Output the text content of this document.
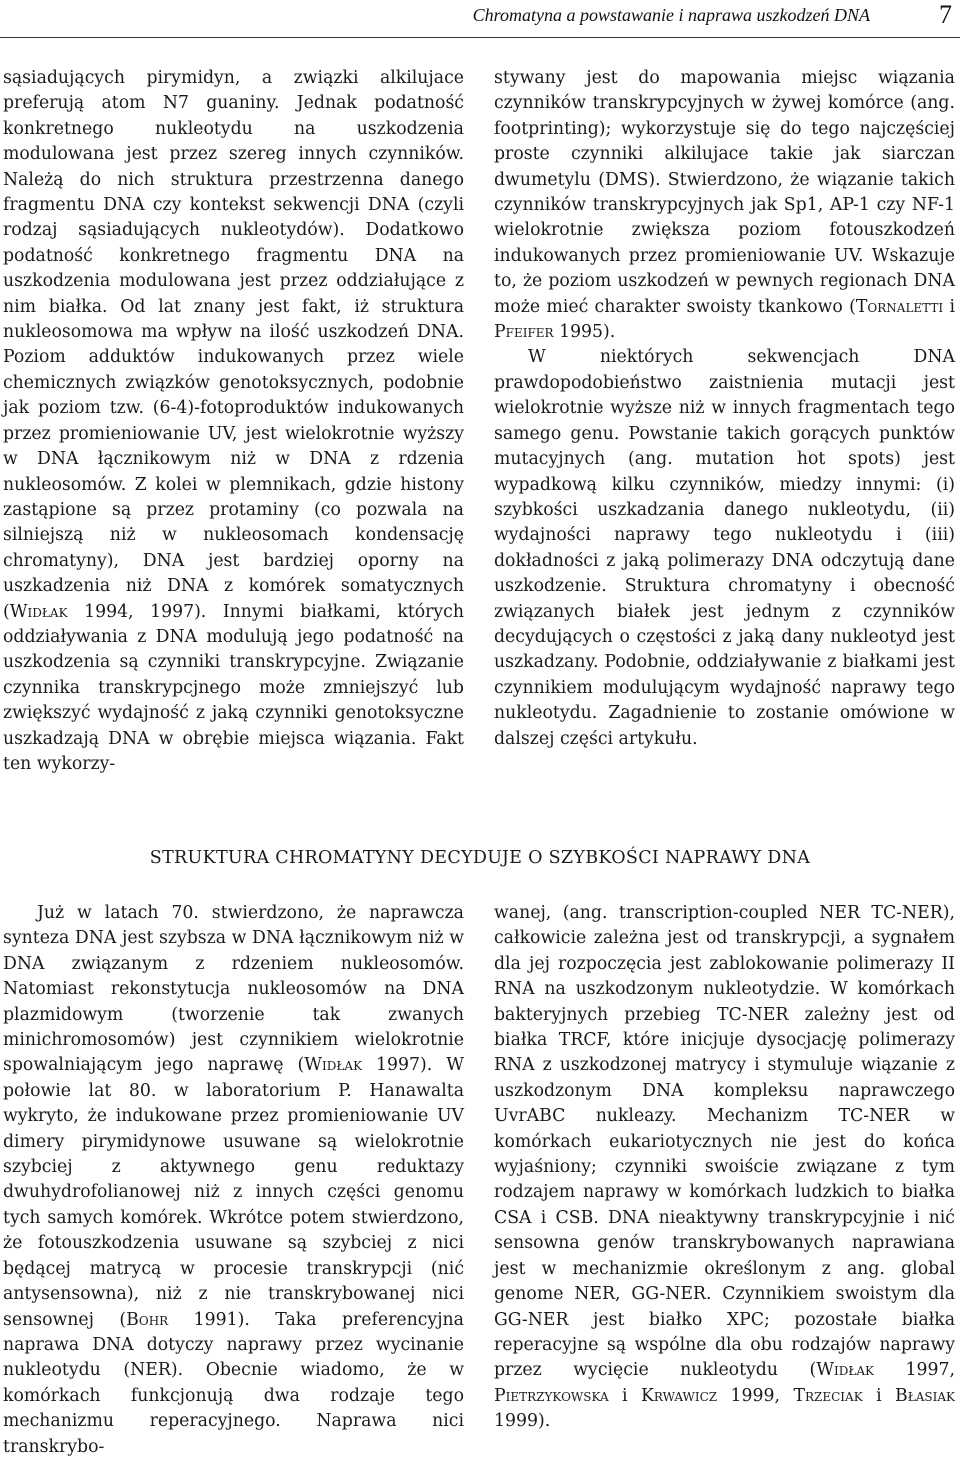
Chromatyna a powstawanie i naprawa uszkodzeń DNA	7

sąsiadujących pirymidyn, a związki alkilujace preferują atom N7 guaniny. Jednak podatność konkretnego nukleotydu na uszkodzenia modulowana jest przez szereg innych czynników. Należą do nich struktura przestrzenna danego fragmentu DNA czy kontekst sekwencji DNA (czyli rodzaj sąsiadujących nukleotydów). Dodatkowo podatność konkretnego fragmentu DNA na uszkodzenia modulowana jest przez oddziałujące z nim białka. Od lat znany jest fakt, iż struktura nukleosomowa ma wpływ na ilość uszkodzeń DNA. Poziom adduktów indukowanych przez wiele chemicznych związków genotoksycznych, podobnie jak poziom tzw. (6-4)-fotoproduktów indukowanych przez promieniowanie UV, jest wielokrotnie wyższy w DNA łącznikowym niż w DNA z rdzenia nukleosomów. Z kolei w plemnikach, gdzie histony zastąpione są przez protaminy (co pozwala na silniejszą niż w nukleosomach kondensację chromatyny), DNA jest bardziej oporny na uszkadzenia niż DNA z komórek somatycznych (Widłak 1994, 1997). Innymi białkami, których oddziaływania z DNA modulują jego podatność na uszkodzenia są czynniki transkrypcyjne. Związanie czynnika transkrypcjnego może zmniejszyć lub zwiększyć wydajność z jaką czynniki genotoksyczne uszkadzają DNA w obrębie miejsca wiązania. Fakt ten wykorzy-

stywany jest do mapowania miejsc wiązania czynników transkrypcyjnych w żywej komórce (ang. footprinting); wykorzystuje się do tego najczęściej proste czynniki alkilujace takie jak siarczan dwumetylu (DMS). Stwierdzono, że wiązanie takich czynników transkrypcyjnych jak Sp1, AP-1 czy NF-1 wielokrotnie zwiększa poziom fotouszkodzeń indukowanych przez promieniowanie UV. Wskazuje to, że poziom uszkodzeń w pewnych regionach DNA może mieć charakter swoisty tkankowo (Tornaletti i Pfeifer 1995).

W niektórych sekwencjach DNA prawdopodobieństwo zaistnienia mutacji jest wielokrotnie wyższe niż w innych fragmentach tego samego genu. Powstanie takich gorących punktów mutacyjnych (ang. mutation hot spots) jest wypadkową kilku czynników, miedzy innymi: (i) szybkości uszkadzania danego nukleotydu, (ii) wydajności naprawy tego nukleotydu i (iii) dokładności z jaką polimerazy DNA odczytują dane uszkodzenie. Struktura chromatyny i obecność związanych białek jest jednym z czynników decydujących o częstości z jaką dany nukleotyd jest uszkadzany. Podobnie, oddziaływanie z białkami jest czynnikiem modulującym wydajność naprawy tego nukleotydu. Zagadnienie to zostanie omówione w dalszej części artykułu.

STRUKTURA CHROMATYNY DECYDUJE O SZYBKOŚCI NAPRAWY DNA

Już w latach 70. stwierdzono, że naprawcza synteza DNA jest szybsza w DNA łącznikowym niż w DNA związanym z rdzeniem nukleosomów. Natomiast rekonstytucja nukleosomów na DNA plazmidowym (tworzenie tak zwanych minichromosomów) jest czynnikiem wielokrotnie spowalniającym jego naprawę (Widłak 1997). W połowie lat 80. w laboratorium P. Hanawalta wykryto, że indukowane przez promieniowanie UV dimery pirymidynowe usuwane są wielokrotnie szybciej z aktywnego genu reduktazy dwuhydrofolianowej niż z innych części genomu tych samych komórek. Wkrótce potem stwierdzono, że fotouszkodzenia usuwane są szybciej z nici będącej matrycą w procesie transkrypcji (nić antysensowna), niż z nie transkrybowanej nici sensownej (Bohr 1991). Taka preferencyjna naprawa DNA dotyczy naprawy przez wycinanie nukleotydu (NER). Obecnie wiadomo, że w komórkach funkcjonują dwa rodzaje tego mechanizmu reperacyjnego. Naprawa nici transkrybo-

wanej, (ang. transcription-coupled NER TC-NER), całkowicie zależna jest od transkrypcji, a sygnałem dla jej rozpoczęcia jest zablokowanie polimerazy II RNA na uszkodzonym nukleotydzie. W komórkach bakteryjnych przebieg TC-NER zależny jest od białka TRCF, które inicjuje dysocjację polimerazy RNA z uszkodzonej matrycy i stymuluje wiązanie z uszkodzonym DNA kompleksu naprawczego UvrABC nukleazy. Mechanizm TC-NER w komórkach eukariotycznych nie jest do końca wyjaśniony; czynniki swoiście związane z tym rodzajem naprawy w komórkach ludzkich to białka CSA i CSB. DNA nieaktywny transkrypcyjnie i nić sensowna genów transkrybowanych naprawiana jest w mechanizmie określonym z ang. global genome NER, GG-NER. Czynnikiem swoistym dla GG-NER jest białko XPC; pozostałe białka reperacyjne są wspólne dla obu rodzajów naprawy przez wycięcie nukleotydu (Widłak 1997, Pietrzykowska i Krwawicz 1999, Trzeciak i Błasiak 1999).
